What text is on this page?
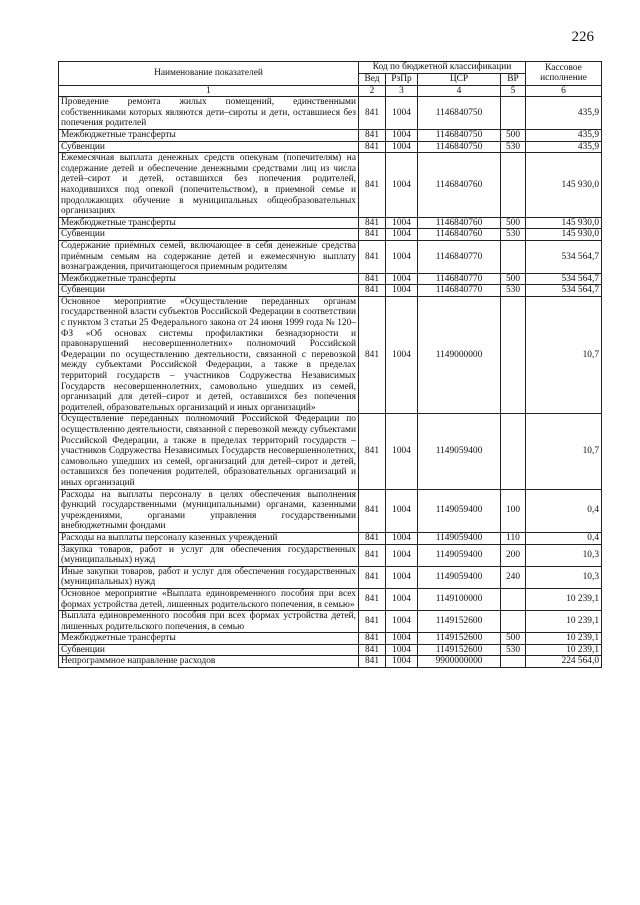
226
Наименование показателей	Код по бюджетной классификации				Кассовое исполнение
	Вед	РзПр	ЦСР	ВР	
1	2	3	4	5	6
Проведение ремонта жилых помещений, единственными собственниками которых являются дети–сироты и дети, оставшиеся без попечения родителей	841	1004	1146840750		435,9
Межбюджетные трансферты	841	1004	1146840750	500	435,9
Субвенции	841	1004	1146840750	530	435,9
Ежемесячная выплата денежных средств опекунам (попечителям) на содержание детей и обеспечение денежными средствами лиц из числа детей–сирот и детей, оставшихся без попечения родителей, находившихся под опекой (попечительством), в приемной семье и продолжающих обучение в муниципальных общеобразовательных организациях	841	1004	1146840760		145 930,0
Межбюджетные трансферты	841	1004	1146840760	500	145 930,0
Субвенции	841	1004	1146840760	530	145 930,0
Содержание приёмных семей, включающее в себя денежные средства приёмным семьям на содержание детей и ежемесячную выплату вознаграждения, причитающегося приемным родителям	841	1004	1146840770		534 564,7
Межбюджетные трансферты	841	1004	1146840770	500	534 564,7
Субвенции	841	1004	1146840770	530	534 564,7
Основное мероприятие «Осуществление переданных органам государственной власти субъектов Российской Федерации в соответствии с пунктом 3 статьи 25 Федерального закона от 24 июня 1999 года № 120–ФЗ «Об основах системы профилактики безнадзорности и правонарушений несовершеннолетних» полномочий Российской Федерации по осуществлению деятельности, связанной с перевозкой между субъектами Российской Федерации, а также в пределах территорий государств – участников Содружества Независимых Государств несовершеннолетних, самовольно ушедших из семей, организаций для детей–сирот и детей, оставшихся без попечения родителей, образовательных организаций и иных организаций»	841	1004	1149000000		10,7
Осуществление переданных полномочий Российской Федерации по осуществлению деятельности, связанной с перевозкой между субъектами Российской Федерации, а также в пределах территорий государств – участников Содружества Независимых Государств несовершеннолетних, самовольно ушедших из семей, организаций для детей–сирот и детей, оставшихся без попечения родителей, образовательных организаций и иных организаций	841	1004	1149059400		10,7
Расходы на выплаты персоналу в целях обеспечения выполнения функций государственными (муниципальными) органами, казенными учреждениями, органами управления государственными внебюджетными фондами	841	1004	1149059400	100	0,4
Расходы на выплаты персоналу казенных учреждений	841	1004	1149059400	110	0,4
Закупка товаров, работ и услуг для обеспечения государственных (муниципальных) нужд	841	1004	1149059400	200	10,3
Иные закупки товаров, работ и услуг для обеспечения государственных (муниципальных) нужд	841	1004	1149059400	240	10,3
Основное мероприятие «Выплата единовременного пособия при всех формах устройства детей, лишенных родительского попечения, в семью»	841	1004	1149100000		10 239,1
Выплата единовременного пособия при всех формах устройства детей, лишенных родительского попечения, в семью	841	1004	1149152600		10 239,1
Межбюджетные трансферты	841	1004	1149152600	500	10 239,1
Субвенции	841	1004	1149152600	530	10 239,1
Непрограммное направление расходов	841	1004	9900000000		224 564,0
